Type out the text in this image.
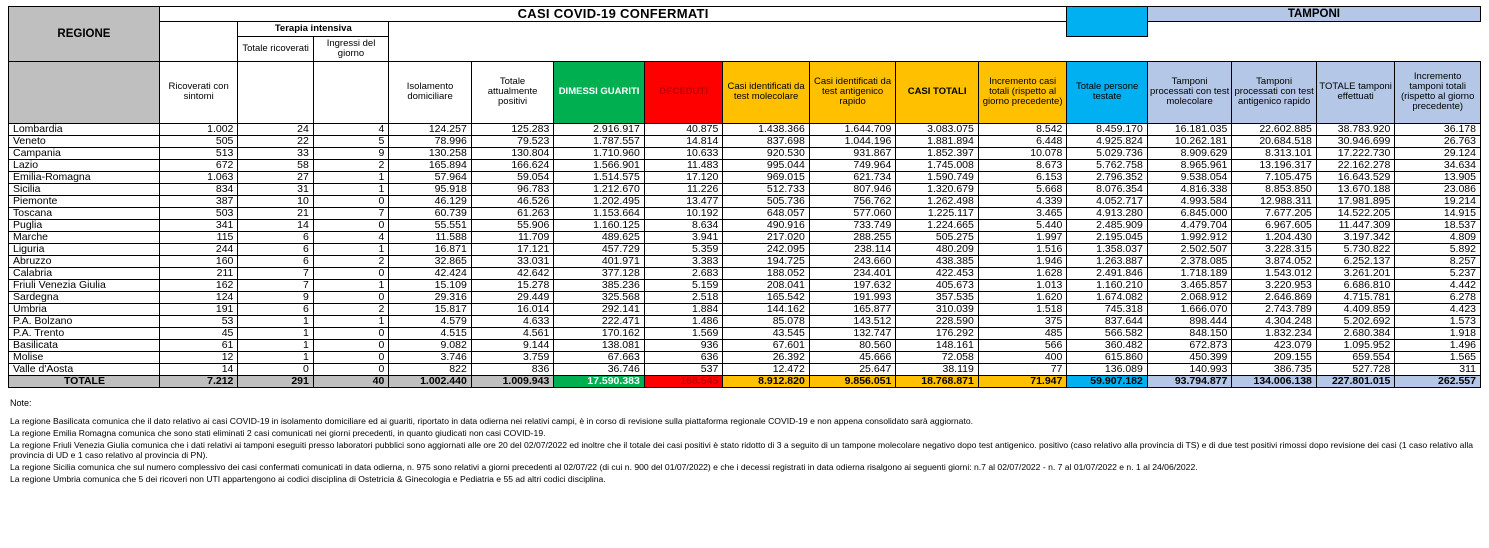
REGIONE	CASI COVID-19 CONFERMATI					TAMPONI
		Terapia intensiva				
		Totale ricoverati	Ingressi del giorno			
	Ricoverati con sintomi			Isolamento domiciliare	Totale attualmente positivi	DIMESSI GUARITI	DECEDUTI	Casi identificati da test molecolare	Casi identificati da test antigenico rapido	CASI TOTALI	Incremento casi totali (rispetto al giorno precedente)	Totale persone testate	Tamponi processati con test molecolare	Tamponi processati con test antigenico rapido	TOTALE tamponi effettuati	Incremento tamponi totali (rispetto al giorno precedente)
Lombardia	1.002	24	4	124.257	125.283	2.916.917	40.875	1.438.366	1.644.709	3.083.075	8.542	8.459.170	16.181.035	22.602.885	38.783.920	36.178
Veneto	505	22	5	78.996	79.523	1.787.557	14.814	837.698	1.044.196	1.881.894	6.448	4.925.824	10.262.181	20.684.518	30.946.699	26.763
Campania	513	33	9	130.258	130.804	1.710.960	10.633	920.530	931.867	1.852.397	10.078	5.029.736	8.909.629	8.313.101	17.222.730	29.124
Lazio	672	58	2	165.894	166.624	1.566.901	11.483	995.044	749.964	1.745.008	8.673	5.762.758	8.965.961	13.196.317	22.162.278	34.634
Emilia-Romagna	1.063	27	1	57.964	59.054	1.514.575	17.120	969.015	621.734	1.590.749	6.153	2.796.352	9.538.054	7.105.475	16.643.529	13.905
Sicilia	834	31	1	95.918	96.783	1.212.670	11.226	512.733	807.946	1.320.679	5.668	8.076.354	4.816.338	8.853.850	13.670.188	23.086
Piemonte	387	10	0	46.129	46.526	1.202.495	13.477	505.736	756.762	1.262.498	4.339	4.052.717	4.993.584	12.988.311	17.981.895	19.214
Toscana	503	21	7	60.739	61.263	1.153.664	10.192	648.057	577.060	1.225.117	3.465	4.913.280	6.845.000	7.677.205	14.522.205	14.915
Puglia	341	14	0	55.551	55.906	1.160.125	8.634	490.916	733.749	1.224.665	5.440	2.485.909	4.479.704	6.967.605	11.447.309	18.537
Marche	115	6	4	11.588	11.709	489.625	3.941	217.020	288.255	505.275	1.997	2.195.045	1.992.912	1.204.430	3.197.342	4.809
Liguria	244	6	1	16.871	17.121	457.729	5.359	242.095	238.114	480.209	1.516	1.358.037	2.502.507	3.228.315	5.730.822	5.892
Abruzzo	160	6	2	32.865	33.031	401.971	3.383	194.725	243.660	438.385	1.946	1.263.887	2.378.085	3.874.052	6.252.137	8.257
Calabria	211	7	0	42.424	42.642	377.128	2.683	188.052	234.401	422.453	1.628	2.491.846	1.718.189	1.543.012	3.261.201	5.237
Friuli Venezia Giulia	162	7	1	15.109	15.278	385.236	5.159	208.041	197.632	405.673	1.013	1.160.210	3.465.857	3.220.953	6.686.810	4.442
Sardegna	124	9	0	29.316	29.449	325.568	2.518	165.542	191.993	357.535	1.620	1.674.082	2.068.912	2.646.869	4.715.781	6.278
Umbria	191	6	2	15.817	16.014	292.141	1.884	144.162	165.877	310.039	1.518	745.318	1.666.070	2.743.789	4.409.859	4.423
P.A. Bolzano	53	1	1	4.579	4.633	222.471	1.486	85.078	143.512	228.590	375	837.644	898.444	4.304.248	5.202.692	1.573
P.A. Trento	45	1	0	4.515	4.561	170.162	1.569	43.545	132.747	176.292	485	566.582	848.150	1.832.234	2.680.384	1.918
Basilicata	61	1	0	9.082	9.144	138.081	936	67.601	80.560	148.161	566	360.482	672.873	423.079	1.095.952	1.496
Molise	12	1	0	3.746	3.759	67.663	636	26.392	45.666	72.058	400	615.860	450.399	209.155	659.554	1.565
Valle d'Aosta	14	0	0	822	836	36.746	537	12.472	25.647	38.119	77	136.089	140.993	386.735	527.728	311
TOTALE	7.212	291	40	1.002.440	1.009.943	17.590.383	168.545	8.912.820	9.856.051	18.768.871	71.947	59.907.182	93.794.877	134.006.138	227.801.015	262.557
Note:

La regione Basilicata comunica che il dato relativo ai casi COVID-19 in isolamento domiciliare ed ai guariti, riportato in data odierna nei relativi campi, è in corso di revisione sulla piattaforma regionale COVID-19 e non appena consolidato sarà aggiornato.

La regione Emilia Romagna comunica che sono stati eliminati 2 casi comunicati nei giorni precedenti, in quanto giudicati non casi COVID-19.

La regione Friuli Venezia Giulia comunica che i dati relativi ai tamponi eseguiti presso laboratori pubblici sono aggiornati alle ore 20 del 02/07/2022 ed inoltre che il totale dei casi positivi è stato ridotto di 3 a seguito di un tampone molecolare negativo dopo test antigenico. positivo (caso relativo alla provincia di TS) e di due test positivi rimossi dopo revisione dei casi (1 caso relativo alla provincia di UD e 1 caso relativo al provincia di PN).

La regione Sicilia comunica che sul numero complessivo dei casi confermati comunicati in data odierna, n. 975 sono relativi a giorni precedenti al 02/07/22 (di cui n. 900 del 01/07/2022) e che i decessi registrati in data odierna risalgono ai seguenti giorni: n.7 al 02/07/2022 - n. 7 al 01/07/2022 e n. 1 al 24/06/2022.

La regione Umbria comunica che 5 dei ricoveri non UTI appartengono ai codici disciplina di Ostetricia & Ginecologia e Pediatria e 55 ad altri codici disciplina.
